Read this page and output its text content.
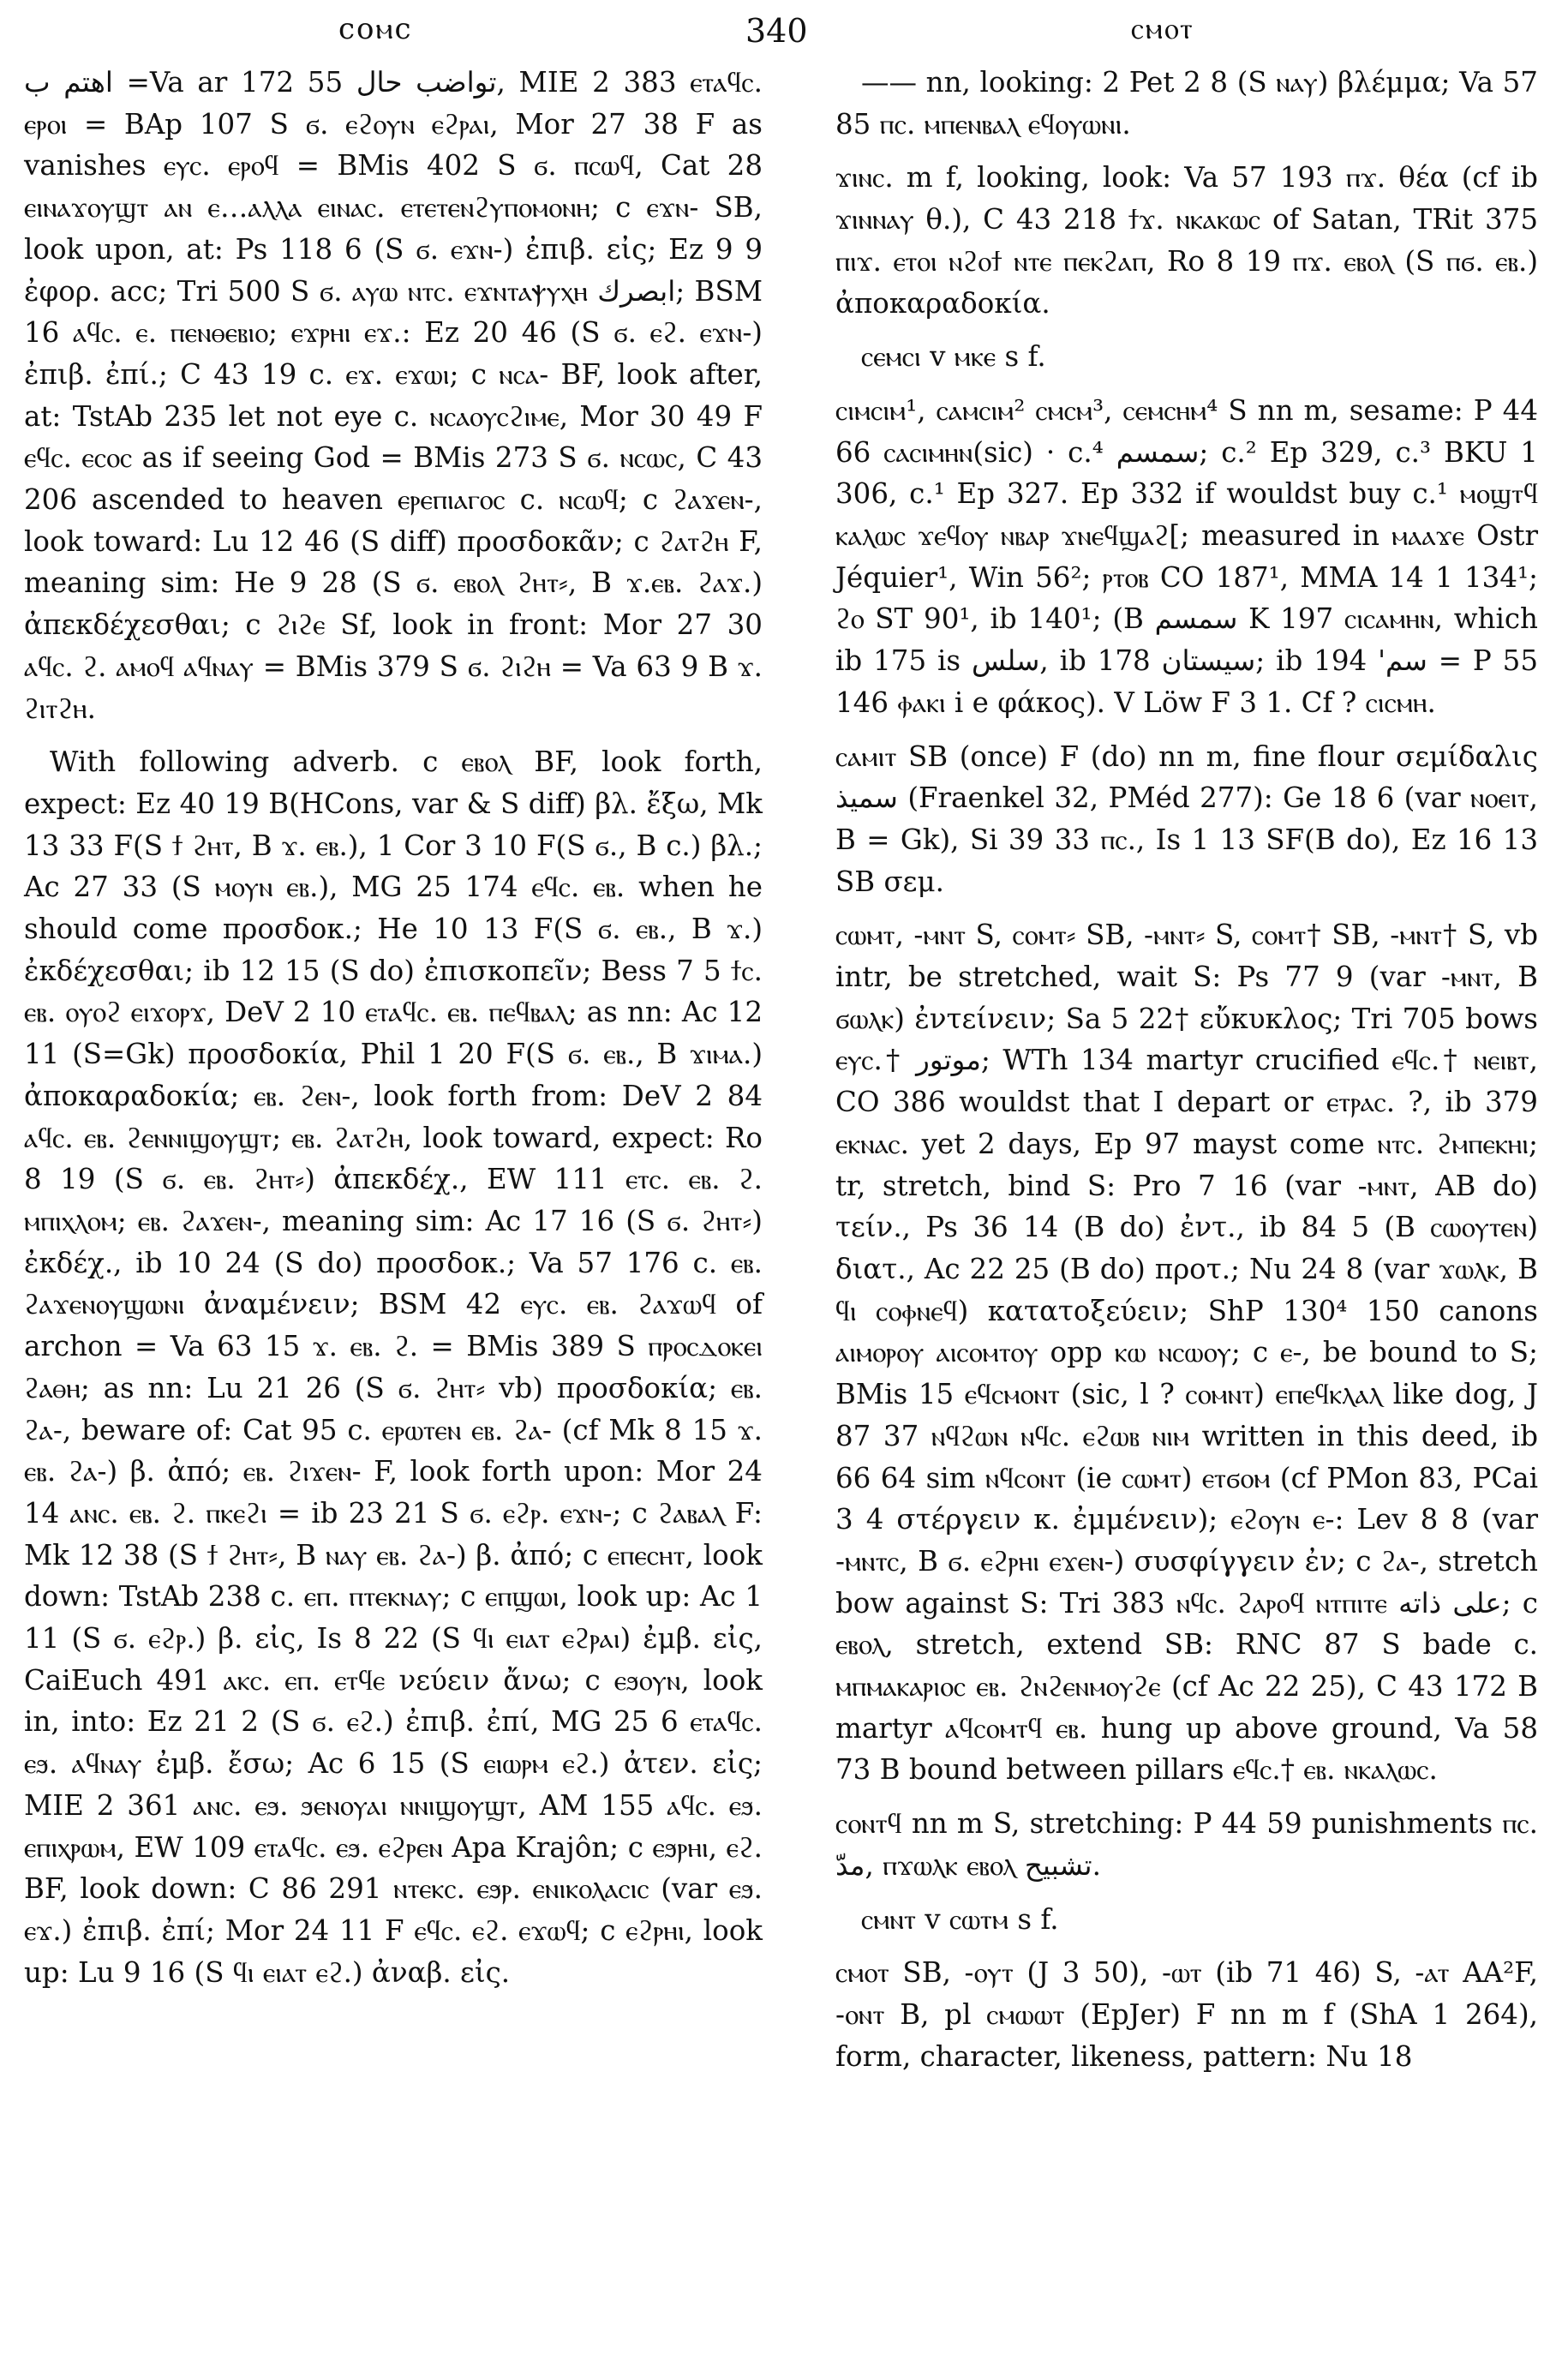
ϲοⲙϲ	340	ⲥⲙⲟⲧ

اهتم ب =Va ar 172 55 تواضب حال, MIE 2 383 ⲉⲧⲁϥⲥ. ⲉⲣⲟⲓ = BAp 107 S ϭ. ⲉϩⲟⲩⲛ ⲉϩⲣⲁⲓ, Mor 27 38 F as vanishes ⲉⲩⲥ. ⲉⲣⲟϥ = BMis 402 S ϭ. ⲡⲥⲱϥ, Cat 28 ⲉⲓⲛⲁϫⲟⲩϣⲧ ⲁⲛ ⲉ…ⲁⲗⲗⲁ ⲉⲓⲛⲁⲥ. ⲉⲧⲉⲧⲉⲛϩⲩⲡⲟⲙⲟⲛⲏ; c ⲉϫⲛ- SB, look upon, at: Ps 118 6 (S ϭ. ⲉϫⲛ-) ἐπιβ. εἰς; Ez 9 9 ἐφορ. acc; Tri 500 S ϭ. ⲁⲩⲱ ⲛⲧⲥ. ⲉϫⲛⲧⲁⲯⲩⲭⲏ ابصرك; BSM 16 ⲁϥⲥ. ⲉ. ⲡⲉⲛⲑⲉⲃⲓⲟ; ⲉϫⲣⲏⲓ ⲉϫ.: Ez 20 46 (S ϭ. ⲉϩ. ⲉϫⲛ-) ἐπιβ. ἐπί.; C 43 19 c. ⲉϫ. ⲉϫⲱⲓ; c ⲛⲥⲁ- BF, look after, at: TstAb 235 let not eye c. ⲛⲥⲁⲟⲩⲥϩⲓⲙⲉ, Mor 30 49 F ⲉϥⲥ. ⲉⲥⲟⲥ as if seeing God = BMis 273 S ϭ. ⲛⲥⲱⲥ, C 43 206 ascended to heaven ⲉⲣⲉⲡⲓⲁⲅⲟⲥ c. ⲛⲥⲱϥ; c ϩⲁϫⲉⲛ-, look toward: Lu 12 46 (S diff) προσδοκᾶν; c ϩⲁⲧϩⲏ F, meaning sim: He 9 28 (S ϭ. ⲉⲃⲟⲗ ϩⲏⲧ⸗, B ϫ.ⲉⲃ. ϩⲁϫ.) ἀπεκδέχεσθαι; c ϩⲓϩⲉ Sf, look in front: Mor 27 30 ⲁϥⲥ. ϩ. ⲁⲙⲟϥ ⲁϥⲛⲁⲩ = BMis 379 S ϭ. ϩⲓϩⲏ = Va 63 9 B ϫ. ϩⲓⲧϩⲏ.

With following adverb. c ⲉⲃⲟⲗ BF, look forth, expect: Ez 40 19 B(HCons, var & S diff) βλ. ἔξω, Mk 13 33 F(S ϯ ϩⲏⲧ, B ϫ. ⲉⲃ.), 1 Cor 3 10 F(S ϭ., B c.) βλ.; Ac 27 33 (S ⲙⲟⲩⲛ ⲉⲃ.), MG 25 174 ⲉϥⲥ. ⲉⲃ. when he should come προσδοκ.; He 10 13 F(S ϭ. ⲉⲃ., B ϫ.) ἐκδέχεσθαι; ib 12 15 (S do) ἐπισκοπεῖν; Bess 7 5 ϯⲥ. ⲉⲃ. ⲟⲩⲟϩ ⲉⲓϫⲟⲣϫ, DeV 2 10 ⲉⲧⲁϥⲥ. ⲉⲃ. ⲡⲉϥⲃⲁⲗ; as nn: Ac 12 11 (S=Gk) προσδοκία, Phil 1 20 F(S ϭ. ⲉⲃ., B ϫⲓⲙⲁ.) ἀποκαραδοκία; ⲉⲃ. ϩⲉⲛ-, look forth from: DeV 2 84 ⲁϥⲥ. ⲉⲃ. ϩⲉⲛⲛⲓϣⲟⲩϣⲧ; ⲉⲃ. ϩⲁⲧϩⲏ, look toward, expect: Ro 8 19 (S ϭ. ⲉⲃ. ϩⲏⲧ⸗) ἀπεκδέχ., EW 111 ⲉⲧⲥ. ⲉⲃ. ϩ. ⲙⲡⲓⲭⲗⲟⲙ; ⲉⲃ. ϩⲁϫⲉⲛ-, meaning sim: Ac 17 16 (S ϭ. ϩⲏⲧ⸗) ἐκδέχ., ib 10 24 (S do) προσδοκ.; Va 57 176 c. ⲉⲃ. ϩⲁϫⲉⲛⲟⲩϣⲱⲛⲓ ἀναμένειν; BSM 42 ⲉⲩⲥ. ⲉⲃ. ϩⲁϫⲱϥ of archon = Va 63 15 ϫ. ⲉⲃ. ϩ. = BMis 389 S ⲡⲣⲟⲥⲇⲟⲕⲉⲓ ϩⲁⲑⲏ; as nn: Lu 21 26 (S ϭ. ϩⲏⲧ⸗ vb) προσδοκία; ⲉⲃ. ϩⲁ-, beware of: Cat 95 c. ⲉⲣⲱⲧⲉⲛ ⲉⲃ. ϩⲁ- (cf Mk 8 15 ϫ. ⲉⲃ. ϩⲁ-) β. ἀπό; ⲉⲃ. ϩⲓϫⲉⲛ- F, look forth upon: Mor 24 14 ⲁⲛⲥ. ⲉⲃ. ϩ. ⲡⲕⲉϩⲓ = ib 23 21 S ϭ. ⲉϩⲣ. ⲉϫⲛ-; c ϩⲁⲃⲁⲗ F: Mk 12 38 (S ϯ ϩⲏⲧ⸗, B ⲛⲁⲩ ⲉⲃ. ϩⲁ-) β. ἀπό; c ⲉⲡⲉⲥⲏⲧ, look down: TstAb 238 c. ⲉⲡ. ⲡⲧⲉⲕⲛⲁⲩ; c ⲉⲡϣⲱⲓ, look up: Ac 1 11 (S ϭ. ⲉϩⲣ.) β. εἰς, Is 8 22 (S ϥⲓ ⲉⲓⲁⲧ ⲉϩⲣⲁⲓ) ἐμβ. εἰς, CaiEuch 491 ⲁⲕⲥ. ⲉⲡ. ⲉⲧϥⲉ νεύειν ἄνω; c ⲉϧⲟⲩⲛ, look in, into: Ez 21 2 (S ϭ. ⲉϩ.) ἐπιβ. ἐπί, MG 25 6 ⲉⲧⲁϥⲥ. ⲉϧ. ⲁϥⲛⲁⲩ ἐμβ. ἔσω; Ac 6 15 (S ⲉⲓⲱⲣⲙ ⲉϩ.) ἀτεν. εἰς; MIE 2 361 ⲁⲛⲥ. ⲉϧ. ϧⲉⲛⲟⲩⲁⲓ ⲛⲛⲓϣⲟⲩϣⲧ, AM 155 ⲁϥⲥ. ⲉϧ. ⲉⲡⲓⲭⲣⲱⲙ, EW 109 ⲉⲧⲁϥⲥ. ⲉϧ. ⲉϩⲣⲉⲛ Apa Krajôn; c ⲉϧⲣⲏⲓ, ⲉϩ. BF, look down: C 86 291 ⲛⲧⲉⲕⲥ. ⲉϧⲣ. ⲉⲛⲓⲕⲟⲗⲁⲥⲓⲥ (var ⲉϧ. ⲉϫ.) ἐπιβ. ἐπί; Mor 24 11 F ⲉϥⲥ. ⲉϩ. ⲉϫⲱϥ; c ⲉϩⲣⲏⲓ, look up: Lu 9 16 (S ϥⲓ ⲉⲓⲁⲧ ⲉϩ.) ἀναβ. εἰς.

—— nn, looking: 2 Pet 2 8 (S ⲛⲁⲩ) βλέμμα; Va 57 85 ⲡⲥ. ⲙⲡⲉⲛⲃⲁⲗ ⲉϥⲟⲩⲱⲛⲓ.

ϫⲓⲛⲥ. m f, looking, look: Va 57 193 ⲡϫ. θέα (cf ib ϫⲓⲛⲛⲁⲩ θ.), C 43 218 ϯϫ. ⲛⲕⲁⲕⲱⲥ of Satan, TRit 375 ⲡⲓϫ. ⲉⲧⲟⲓ ⲛϩⲟϯ ⲛⲧⲉ ⲡⲉⲕϩⲁⲡ, Ro 8 19 ⲡϫ. ⲉⲃⲟⲗ (S ⲡϭ. ⲉⲃ.) ἀποκαραδοκία.

ⲥⲉⲙⲥⲓ v ⲙⲕⲉ s f.

ⲥⲓⲙⲥⲓⲙ¹, ⲥⲁⲙⲥⲓⲙ² ⲥⲙⲥⲙ³, ⲥⲉⲙⲥⲏⲙ⁴ S nn m, sesame: P 44 66 ⲥⲁⲥⲓⲙⲏⲛ(sic) · c.⁴ سمسم; c.² Ep 329, c.³ BKU 1 306, c.¹ Ep 327. Ep 332 if wouldst buy c.¹ ⲙⲟϣⲧϥ ⲕⲁⲗⲱⲥ ϫⲉϥⲟⲩ ⲛⲃⲁⲣ ϫⲛⲉϥϣⲁϩ[; measured in ⲙⲁⲁϫⲉ Ostr Jéquier¹, Win 56²; ⲣⲧⲟⲃ CO 187¹, MMA 14 1 134¹; ϩⲟ ST 90¹, ib 140¹; (B سمسم K 197 ⲥⲓⲥⲁⲙⲏⲛ, which ib 175 is سلس, ib 178 سيستان; ib 194 'سم = P 55 146 ⲫⲁⲕⲓ i e φάκος). V Löw F 3 1. Cf ? ⲥⲓⲥⲙⲏ.

ⲥⲁⲙⲓⲧ SB (once) F (do) nn m, fine flour σεμίδαλις سميذ (Fraenkel 32, PMéd 277): Ge 18 6 (var ⲛⲟⲉⲓⲧ, B = Gk), Si 39 33 ⲡⲥ., Is 1 13 SF(B do), Ez 16 13 SB σεμ.

ⲥⲱⲙⲧ, -ⲙⲛⲧ S, ⲥⲟⲙⲧ⸗ SB, -ⲙⲛⲧ⸗ S, ⲥⲟⲙⲧ† SB, -ⲙⲛⲧ† S, vb intr, be stretched, wait S: Ps 77 9 (var -ⲙⲛⲧ, B ϭⲱⲗⲕ) ἐντείνειν; Sa 5 22† εὔκυκλος; Tri 705 bows ⲉⲩⲥ.† موتور; WTh 134 martyr crucified ⲉϥⲥ.† ⲛⲉⲓⲃⲧ, CO 386 wouldst that I depart or ⲉⲧⲣⲁⲥ. ?, ib 379 ⲉⲕⲛⲁⲥ. yet 2 days, Ep 97 mayst come ⲛⲧⲥ. ϩⲙⲡⲉⲕⲏⲓ; tr, stretch, bind S: Pro 7 16 (var -ⲙⲛⲧ, AB do) τείν., Ps 36 14 (B do) ἐντ., ib 84 5 (B ⲥⲱⲟⲩⲧⲉⲛ) διατ., Ac 22 25 (B do) προτ.; Nu 24 8 (var ϫⲱⲗⲕ, B ϥⲓ ⲥⲟⲫⲛⲉϥ) κατατοξεύειν; ShP 130⁴ 150 canons ⲁⲓⲙⲟⲣⲟⲩ ⲁⲓⲥⲟⲙⲧⲟⲩ opp ⲕⲱ ⲛⲥⲱⲟⲩ; c ⲉ-, be bound to S; BMis 15 ⲉϥⲥⲙⲟⲛⲧ (sic, l ? ⲥⲟⲙⲛⲧ) ⲉⲡⲉϥⲕⲗⲁⲗ like dog, J 87 37 ⲛϥϩⲱⲛ ⲛϥⲥ. ⲉϩⲱⲃ ⲛⲓⲙ written in this deed, ib 66 64 sim ⲛϥⲥⲟⲛⲧ (ie ⲥⲱⲙⲧ) ⲉⲧϭⲟⲙ (cf PMon 83, PCai 3 4 στέργειν κ. ἐμμένειν); ⲉϩⲟⲩⲛ ⲉ-: Lev 8 8 (var -ⲙⲛⲧⲥ, B ϭ. ⲉϩⲣⲏⲓ ⲉϫⲉⲛ-) συσφίγγειν ἐν; c ϩⲁ-, stretch bow against S: Tri 383 ⲛϥⲥ. ϩⲁⲣⲟϥ ⲛⲧⲡⲓⲧⲉ على ذاته; c ⲉⲃⲟⲗ, stretch, extend SB: RNC 87 S bade c. ⲙⲡⲙⲁⲕⲁⲣⲓⲟⲥ ⲉⲃ. ϩⲛϩⲉⲛⲙⲟⲩϩⲉ (cf Ac 22 25), C 43 172 B martyr ⲁϥⲥⲟⲙⲧϥ ⲉⲃ. hung up above ground, Va 58 73 B bound between pillars ⲉϥⲥ.† ⲉⲃ. ⲛⲕⲁⲗⲱⲥ.

ⲥⲟⲛⲧϥ nn m S, stretching: P 44 59 punishments ⲡⲥ. مدّ, ⲡϫⲱⲗⲕ ⲉⲃⲟⲗ تشبيح.

ⲥⲙⲛⲧ v ⲥⲱⲧⲙ s f.

ⲥⲙⲟⲧ SB, -ⲟⲩⲧ (J 3 50), -ⲱⲧ (ib 71 46) S, -ⲁⲧ AA²F, -ⲟⲛⲧ B, pl ⲥⲙⲱⲱⲧ (EpJer) F nn m f (ShA 1 264), form, character, likeness, pattern: Nu 18
